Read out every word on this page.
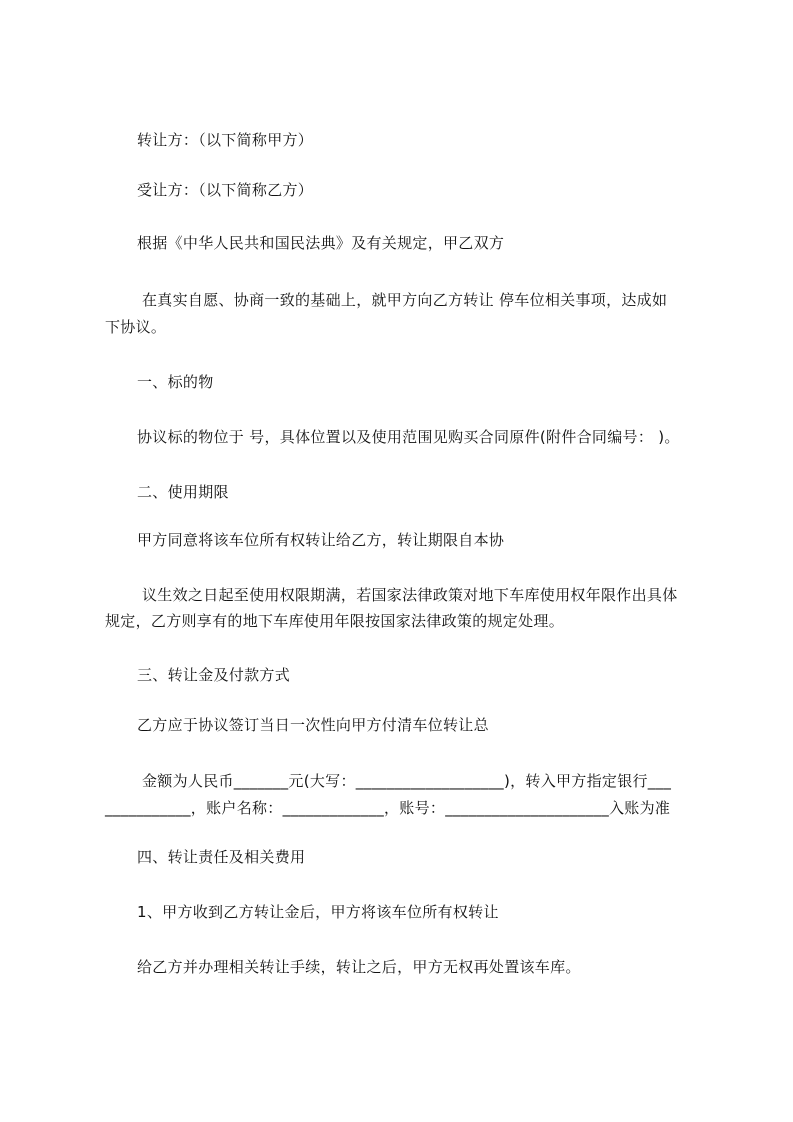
转让方：（以下简称甲方）
受让方：（以下简称乙方）
根据《中华人民共和国民法典》及有关规定，甲乙双方
在真实自愿、协商一致的基础上，就甲方向乙方转让 停车位相关事项，达成如
下协议。
一、标的物
协议标的物位于 号，具体位置以及使用范围见购买合同原件(附件合同编号： )。
二、使用期限
甲方同意将该车位所有权转让给乙方，转让期限自本协
议生效之日起至使用权限期满，若国家法律政策对地下车库使用权年限作出具体
规定，乙方则享有的地下车库使用年限按国家法律政策的规定处理。
三、转让金及付款方式
乙方应于协议签订当日一次性向甲方付清车位转让总
金额为人民币_______元(大写：___________________)，转入甲方指定银行___
___________，账户名称：_____________，账号：_____________________入账为准
四、转让责任及相关费用
1、甲方收到乙方转让金后，甲方将该车位所有权转让
给乙方并办理相关转让手续，转让之后，甲方无权再处置该车库。
